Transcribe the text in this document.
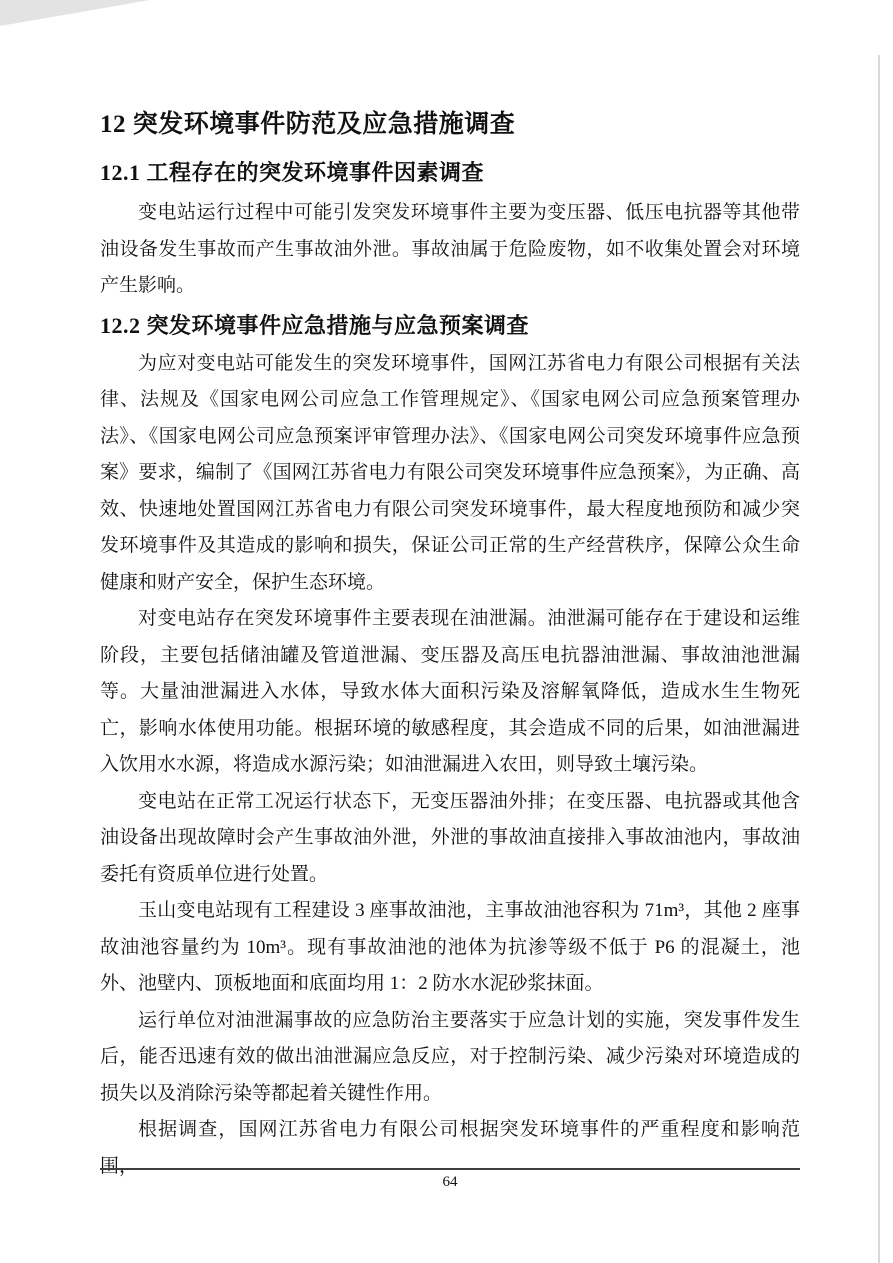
12 突发环境事件防范及应急措施调查
12.1 工程存在的突发环境事件因素调查

变电站运行过程中可能引发突发环境事件主要为变压器、低压电抗器等其他带油设备发生事故而产生事故油外泄。事故油属于危险废物，如不收集处置会对环境产生影响。

12.2 突发环境事件应急措施与应急预案调查

为应对变电站可能发生的突发环境事件，国网江苏省电力有限公司根据有关法律、法规及《国家电网公司应急工作管理规定》、《国家电网公司应急预案管理办法》、《国家电网公司应急预案评审管理办法》、《国家电网公司突发环境事件应急预案》要求，编制了《国网江苏省电力有限公司突发环境事件应急预案》，为正确、高效、快速地处置国网江苏省电力有限公司突发环境事件，最大程度地预防和减少突发环境事件及其造成的影响和损失，保证公司正常的生产经营秩序，保障公众生命健康和财产安全，保护生态环境。

对变电站存在突发环境事件主要表现在油泄漏。油泄漏可能存在于建设和运维阶段，主要包括储油罐及管道泄漏、变压器及高压电抗器油泄漏、事故油池泄漏等。大量油泄漏进入水体，导致水体大面积污染及溶解氧降低，造成水生生物死亡，影响水体使用功能。根据环境的敏感程度，其会造成不同的后果，如油泄漏进入饮用水水源，将造成水源污染；如油泄漏进入农田，则导致土壤污染。

变电站在正常工况运行状态下，无变压器油外排；在变压器、电抗器或其他含油设备出现故障时会产生事故油外泄，外泄的事故油直接排入事故油池内，事故油委托有资质单位进行处置。

玉山变电站现有工程建设 3 座事故油池，主事故油池容积为 71m³，其他 2 座事故油池容量约为 10m³。现有事故油池的池体为抗渗等级不低于 P6 的混凝土，池外、池壁内、顶板地面和底面均用 1：2 防水水泥砂浆抹面。

运行单位对油泄漏事故的应急防治主要落实于应急计划的实施，突发事件发生后，能否迅速有效的做出油泄漏应急反应，对于控制污染、减少污染对环境造成的损失以及消除污染等都起着关键性作用。

根据调查，国网江苏省电力有限公司根据突发环境事件的严重程度和影响范围，

64
